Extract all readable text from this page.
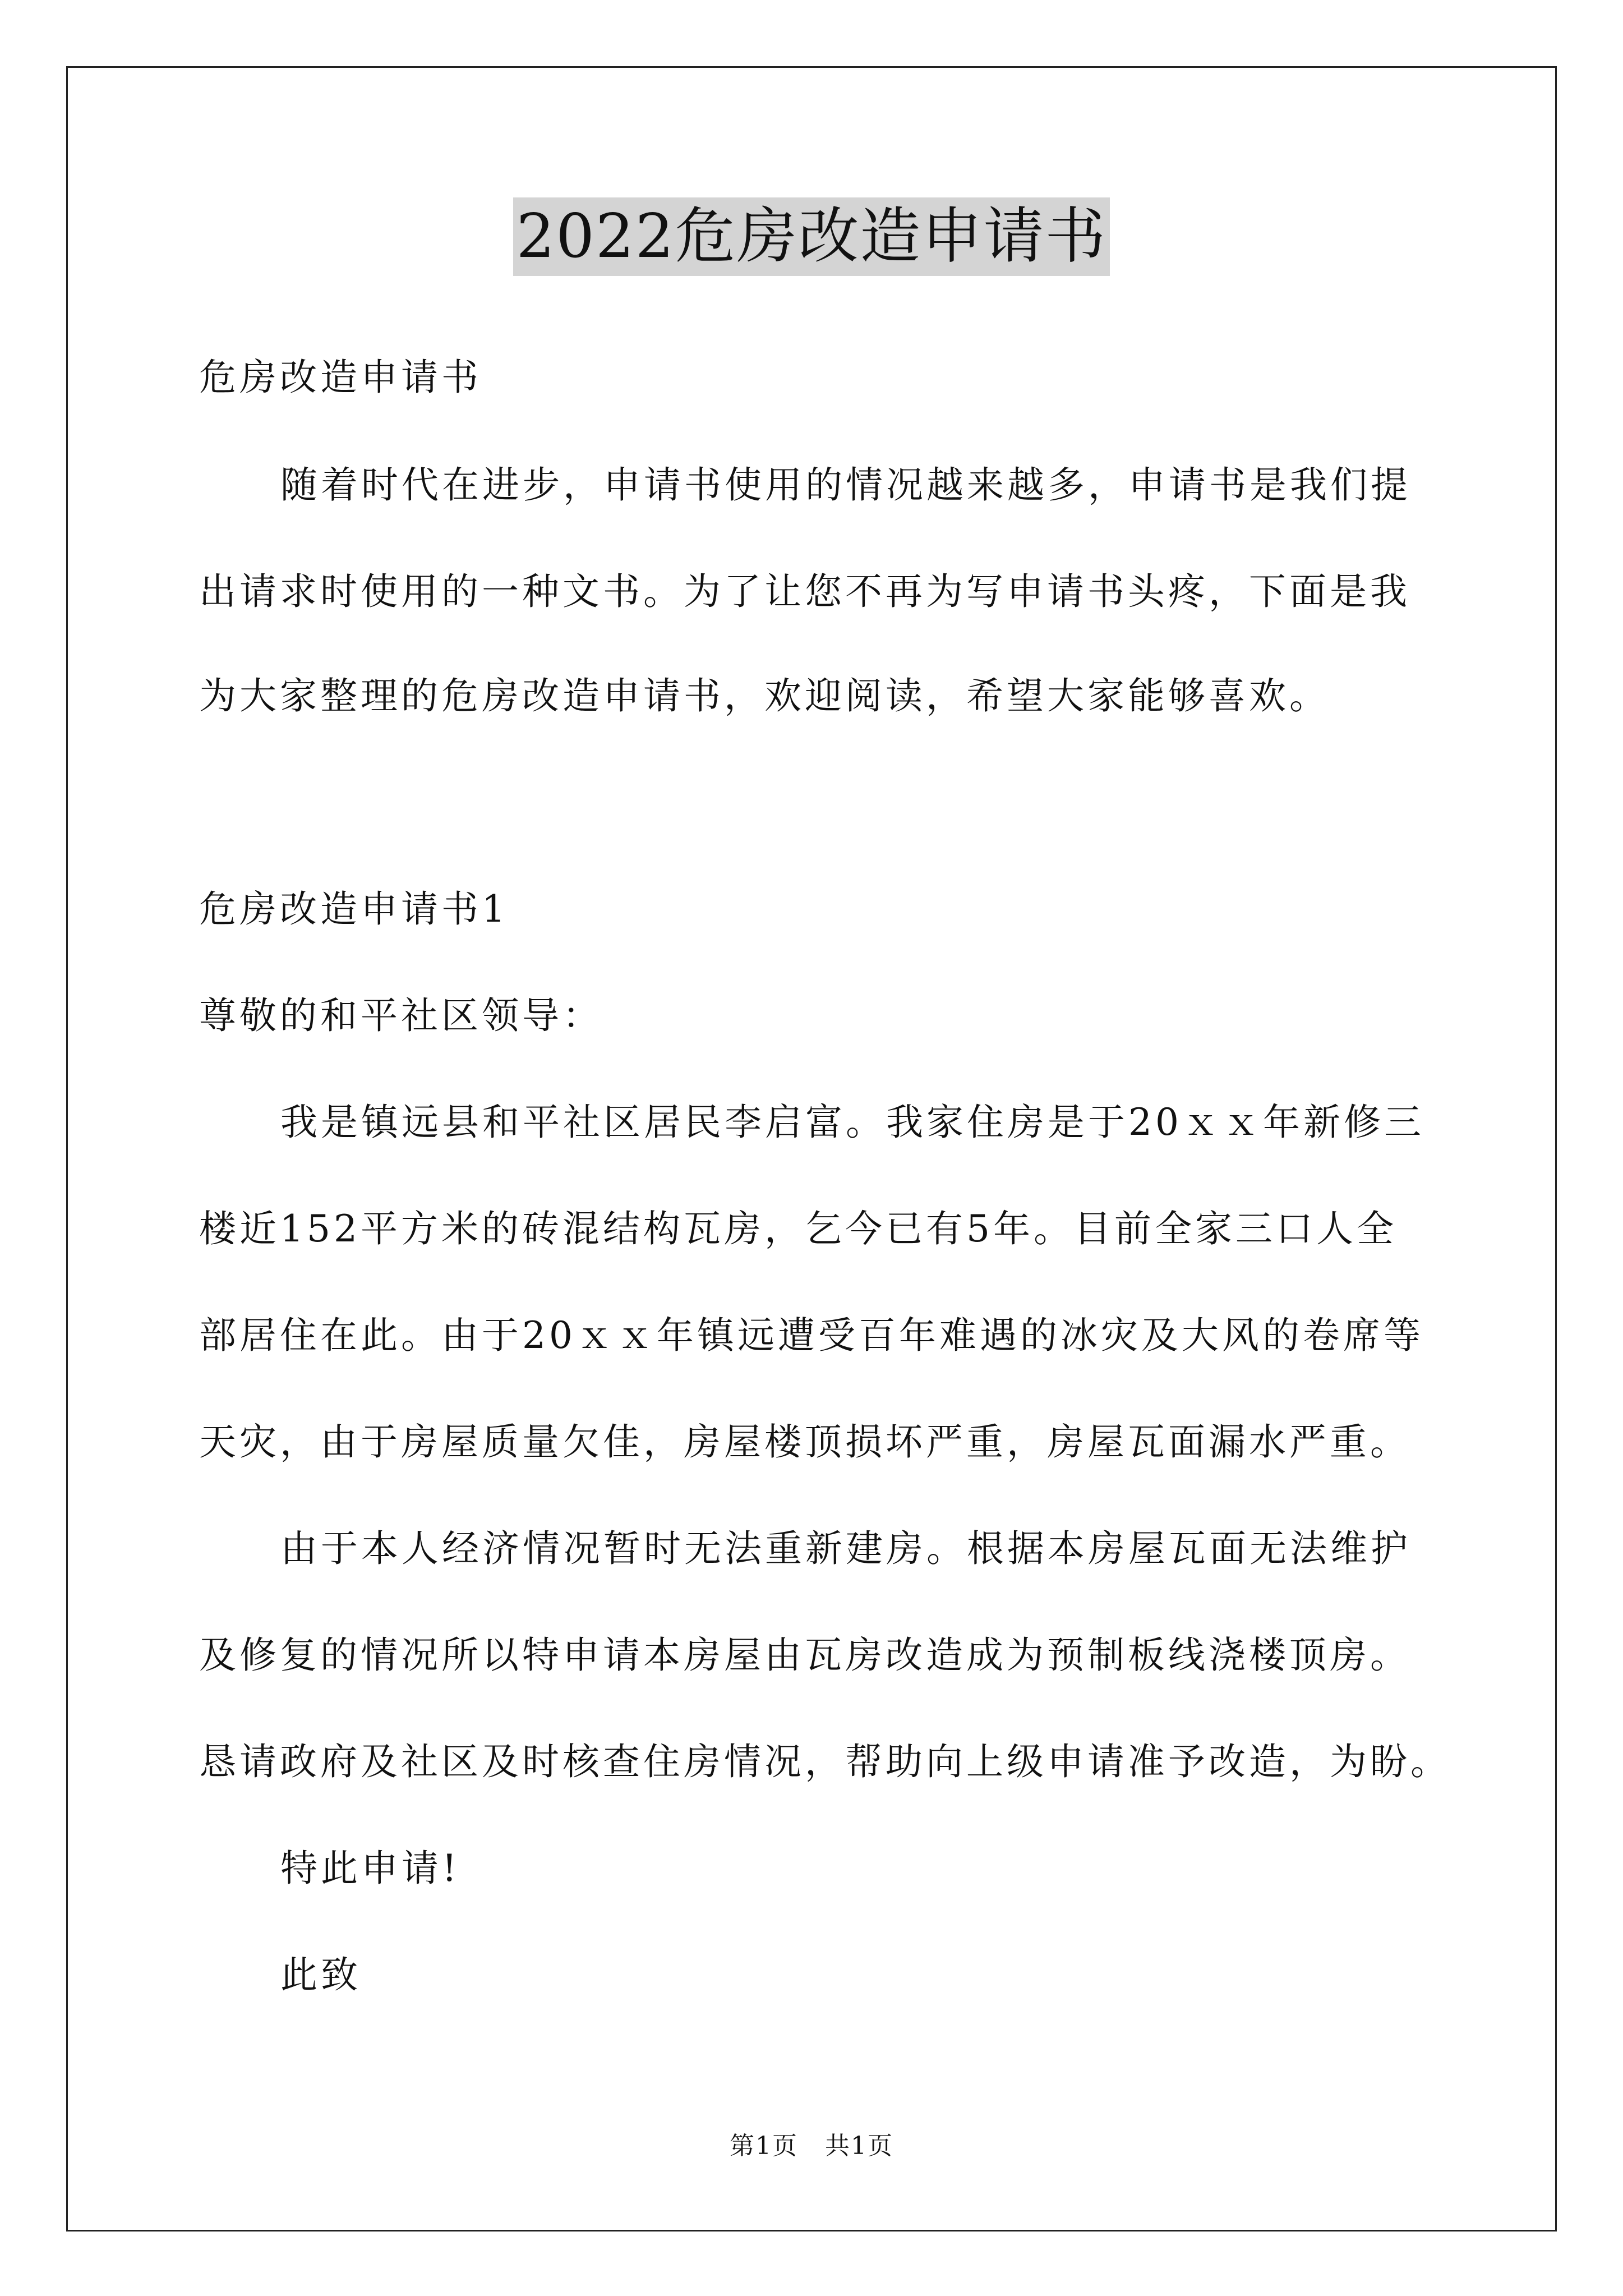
2022危房改造申请书
危房改造申请书
随着时代在进步，申请书使用的情况越来越多，申请书是我们提
出请求时使用的一种文书。为了让您不再为写申请书头疼，下面是我
为大家整理的危房改造申请书，欢迎阅读，希望大家能够喜欢。
危房改造申请书1
尊敬的和平社区领导：
我是镇远县和平社区居民李启富。我家住房是于20ｘｘ年新修三
楼近152平方米的砖混结构瓦房，乞今已有5年。目前全家三口人全
部居住在此。由于20ｘｘ年镇远遭受百年难遇的冰灾及大风的卷席等
天灾，由于房屋质量欠佳，房屋楼顶损坏严重，房屋瓦面漏水严重。
由于本人经济情况暂时无法重新建房。根据本房屋瓦面无法维护
及修复的情况所以特申请本房屋由瓦房改造成为预制板线浇楼顶房。
恳请政府及社区及时核查住房情况，帮助向上级申请准予改造，为盼。
特此申请!
此致
第1页 共1页
